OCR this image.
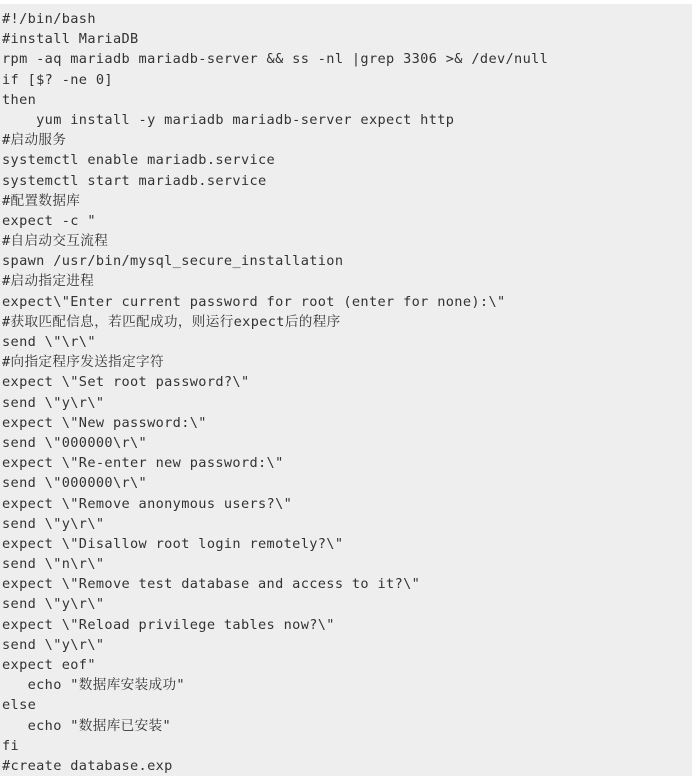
#!/bin/bash
#install MariaDB
rpm -aq mariadb mariadb-server && ss -nl |grep 3306 >& /dev/null
if [$? -ne 0]
then
yum install -y mariadb mariadb-server expect http
#启动服务
systemctl enable mariadb.service
systemctl start mariadb.service
#配置数据库
expect -c "
#自启动交互流程
spawn /usr/bin/mysql_secure_installation
#启动指定进程
expect\"Enter current password for root (enter for none):\"
#获取匹配信息，若匹配成功，则运行expect后的程序
send \"\r\"
#向指定程序发送指定字符
expect \"Set root password?\"
send \"y\r\"
expect \"New password:\"
send \"000000\r\"
expect \"Re-enter new password:\"
send \"000000\r\"
expect \"Remove anonymous users?\"
send \"y\r\"
expect \"Disallow root login remotely?\"
send \"n\r\"
expect \"Remove test database and access to it?\"
send \"y\r\"
expect \"Reload privilege tables now?\"
send \"y\r\"
expect eof"
echo "数据库安装成功"
else
echo "数据库已安装"
fi
#create database.exp
